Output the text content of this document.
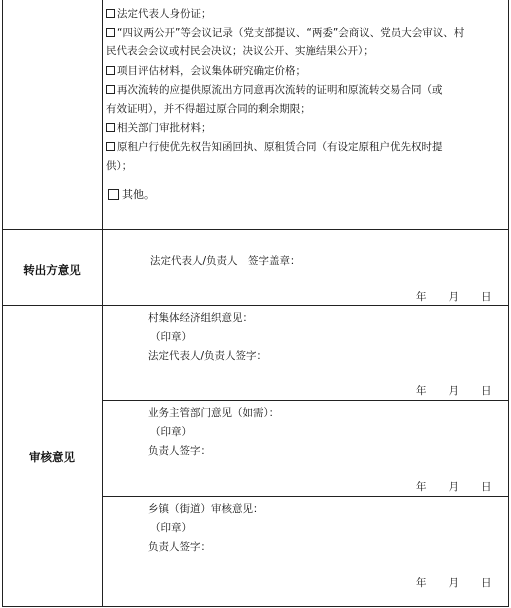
法定代表人身份证；
“四议两公开”等会议记录（党支部提议、“两委”会商议、党员大会审议、村
民代表会会议或村民会决议；决议公开、实施结果公开）；
项目评估材料，会议集体研究确定价格；
再次流转的应提供原流出方同意再次流转的证明和原流转交易合同（或
有效证明），并不得超过原合同的剩余期限；
相关部门审批材料；
原租户行使优先权告知函回执、原租赁合同（有设定原租户优先权时提
供）；
其他。
转出方意见
法定代表人/负责人　签字盖章：
年 月 日
审核意见
村集体经济组织意见：
（印章）
法定代表人/负责人签字：
年 月 日
业务主管部门意见（如需）：
（印章）
负责人签字：
年 月 日
乡镇（街道）审核意见：
（印章）
负责人签字：
年 月 日
